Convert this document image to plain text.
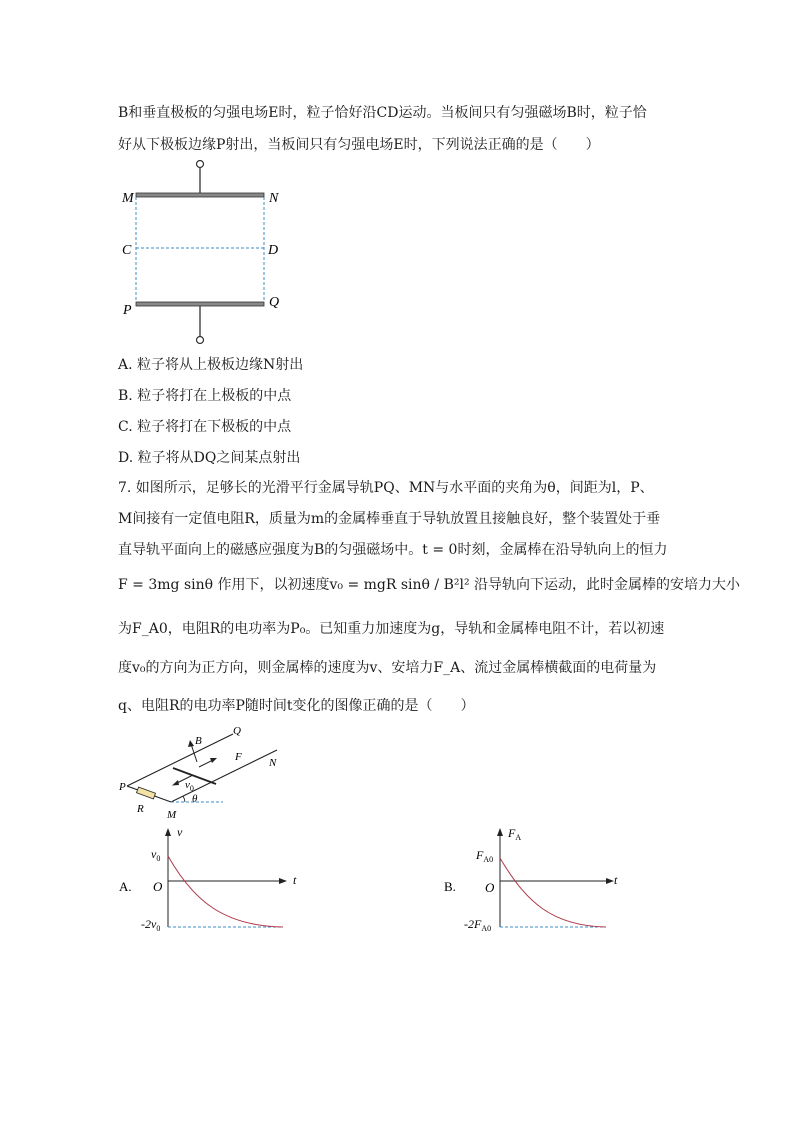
B和垂直极板的匀强电场E时，粒子恰好沿CD运动。当板间只有匀强磁场B时，粒子恰
好从下极板边缘P射出，当板间只有匀强电场E时，下列说法正确的是（　　）
M	N
C	D
P
Q
A. 粒子将从上极板边缘N射出
B. 粒子将打在上极板的中点
C. 粒子将打在下极板的中点
D. 粒子将从DQ之间某点射出
7. 如图所示，足够长的光滑平行金属导轨PQ、MN与水平面的夹角为θ，间距为l，P、
M间接有一定值电阻R，质量为m的金属棒垂直于导轨放置且接触良好，整个装置处于垂
直导轨平面向上的磁感应强度为B的匀强磁场中。t = 0时刻，金属棒在沿导轨向上的恒力
F = 3mg sinθ 作用下，以初速度v₀ = mgR sinθ / B²l² 沿导轨向下运动，此时金属棒的安培力大小
为F_A0，电阻R的电功率为P₀。已知重力加速度为g，导轨和金属棒电阻不计，若以初速
度v₀的方向为正方向，则金属棒的速度为v、安培力F_A、流过金属棒横截面的电荷量为
q、电阻R的电功率P随时间t变化的图像正确的是（　　）
B
Q
F N
P	$v_0$
R M
θ
A.
v
t
O
$v_0$
$-2v_0$
B.
$F_A$
t
O
$F_{A0}$
$-2F_{A0}$
